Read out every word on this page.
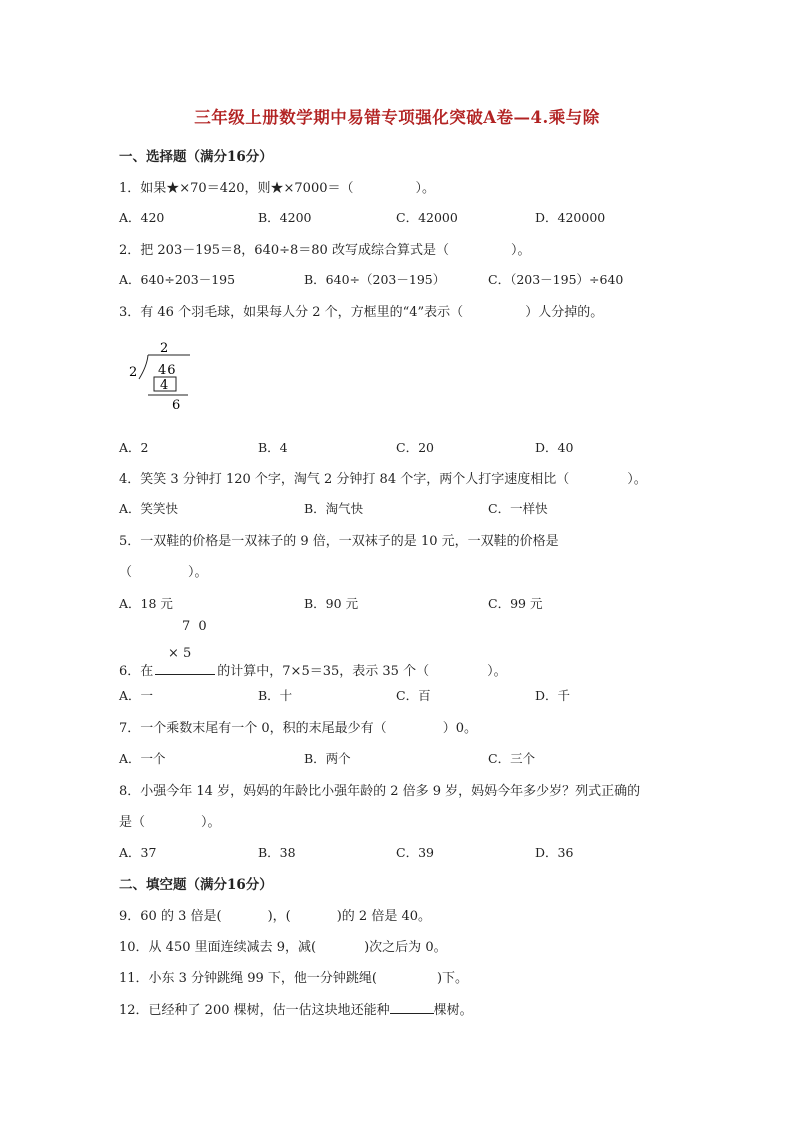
三年级上册数学期中易错专项强化突破A卷—4.乘与除
一、选择题（满分16分）
1．如果★×70＝420，则★×7000＝（	）。
A．420	B．4200	C．42000	D．420000
2．把 203－195＝8，640÷8＝80 改写成综合算式是（	）。
A．640÷203－195	B．640÷（203－195）	C．（203－195）÷640
3．有 46 个羽毛球，如果每人分 2 个，方框里的“4”表示（	）人分掉的。
2
2 46
4
6
A．2	B．4	C．20	D．40
4．笑笑 3 分钟打 120 个字，淘气 2 分钟打 84 个字，两个人打字速度相比（	）。
A．笑笑快	B．淘气快	C．一样快
5．一双鞋的价格是一双袜子的 9 倍，一双袜子的是 10 元，一双鞋的价格是
（	）。
A．18 元	B．90 元	C．99 元
7 0
× 5
6．在	的计算中，7×5＝35，表示 35 个（	）。
A．一	B．十	C．百	D．千
7．一个乘数末尾有一个 0，积的末尾最少有（	）0。
A．一个	B．两个	C．三个
8．小强今年 14 岁，妈妈的年龄比小强年龄的 2 倍多 9 岁，妈妈今年多少岁？列式正确的
是（	）。
A．37	B．38	C．39	D．36
二、填空题（满分16分）
9．60 的 3 倍是(	)，(	)的 2 倍是 40。
10．从 450 里面连续减去 9，减(	)次之后为 0。
11．小东 3 分钟跳绳 99 下，他一分钟跳绳(	)下。
12．已经种了 200 棵树，估一估这块地还能种	棵树。
